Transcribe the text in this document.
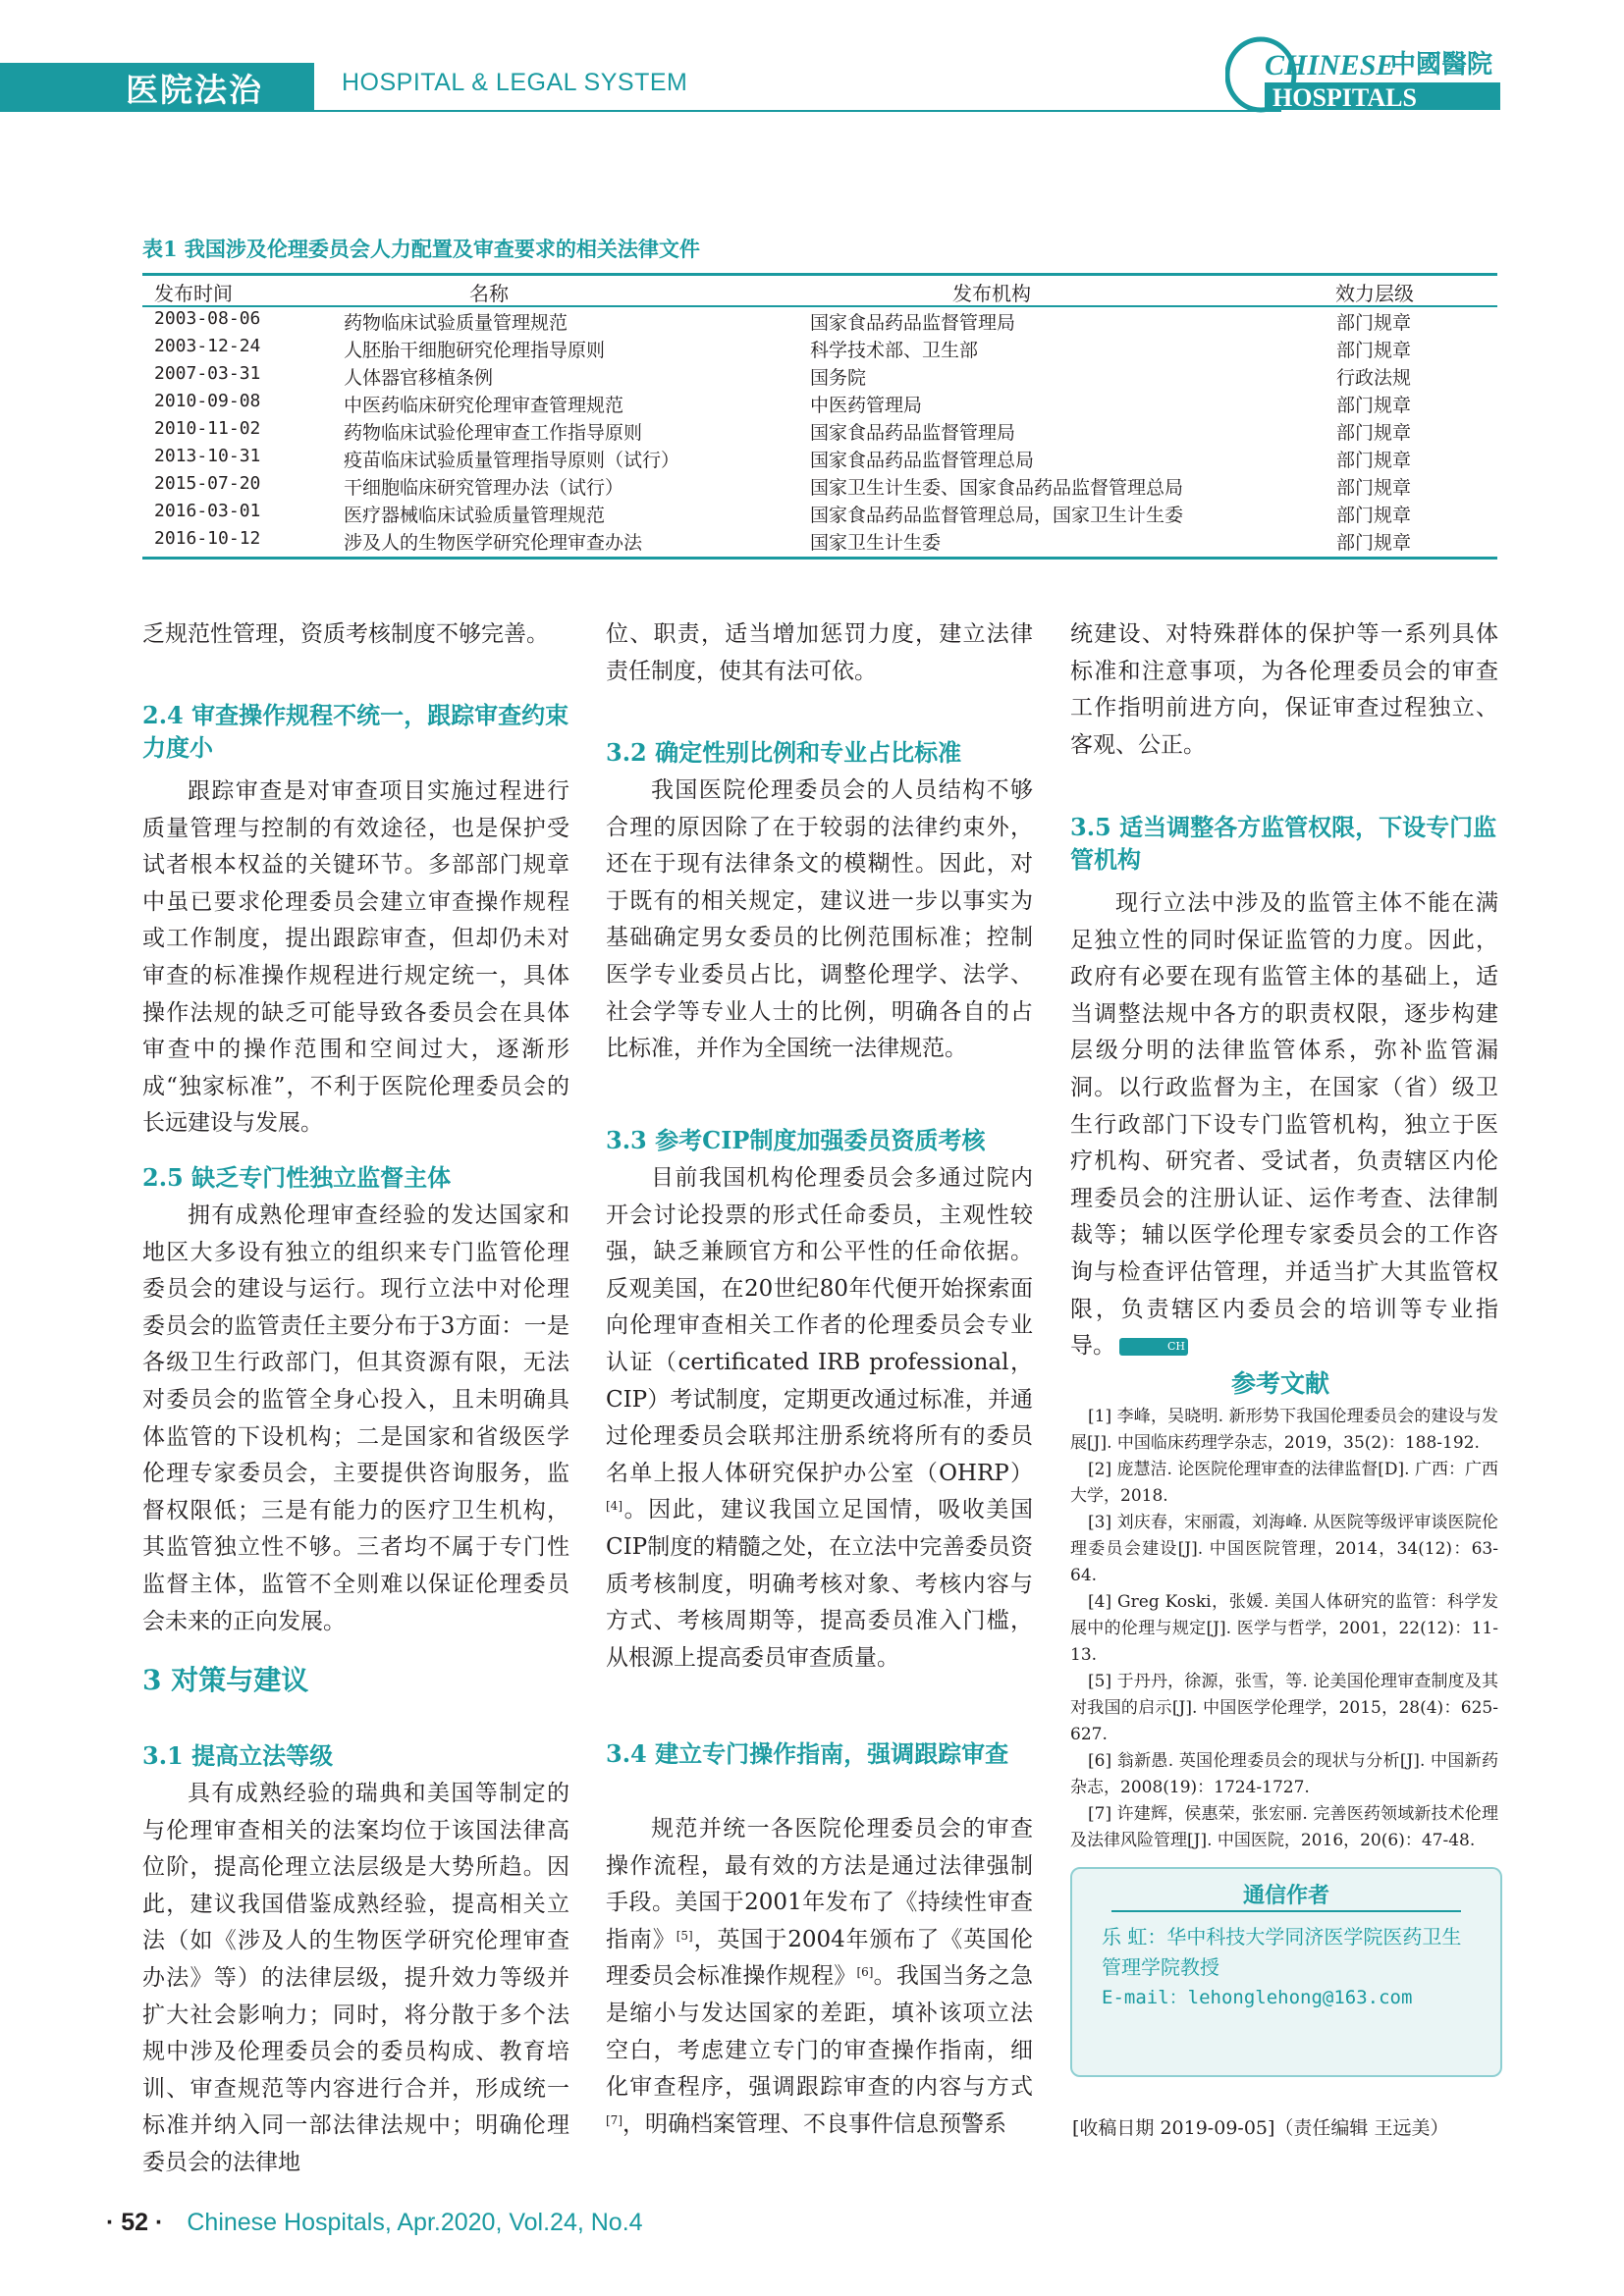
医院法治	HOSPITAL & LEGAL SYSTEM
CHINESE
中國醫院
HOSPITALS
表1 我国涉及伦理委员会人力配置及审查要求的相关法律文件
发布时间	名称	发布机构	效力层级
2003-08-06	药物临床试验质量管理规范	国家食品药品监督管理局	部门规章
2003-12-24	人胚胎干细胞研究伦理指导原则	科学技术部、卫生部	部门规章
2007-03-31	人体器官移植条例	国务院	行政法规
2010-09-08	中医药临床研究伦理审查管理规范	中医药管理局	部门规章
2010-11-02	药物临床试验伦理审查工作指导原则	国家食品药品监督管理局	部门规章
2013-10-31	疫苗临床试验质量管理指导原则（试行）	国家食品药品监督管理总局	部门规章
2015-07-20	干细胞临床研究管理办法（试行）	国家卫生计生委、国家食品药品监督管理总局	部门规章
2016-03-01	医疗器械临床试验质量管理规范	国家食品药品监督管理总局，国家卫生计生委	部门规章
2016-10-12	涉及人的生物医学研究伦理审查办法	国家卫生计生委	部门规章

乏规范性管理，资质考核制度不够完善。

2.4 审查操作规程不统一，跟踪审查约束力度小

跟踪审查是对审查项目实施过程进行质量管理与控制的有效途径，也是保护受试者根本权益的关键环节。多部部门规章中虽已要求伦理委员会建立审查操作规程或工作制度，提出跟踪审查，但却仍未对审查的标准操作规程进行规定统一，具体操作法规的缺乏可能导致各委员会在具体审查中的操作范围和空间过大，逐渐形成“独家标准”，不利于医院伦理委员会的长远建设与发展。

2.5 缺乏专门性独立监督主体

拥有成熟伦理审查经验的发达国家和地区大多设有独立的组织来专门监管伦理委员会的建设与运行。现行立法中对伦理委员会的监管责任主要分布于3方面：一是各级卫生行政部门，但其资源有限，无法对委员会的监管全身心投入，且未明确具体监管的下设机构；二是国家和省级医学伦理专家委员会，主要提供咨询服务，监督权限低；三是有能力的医疗卫生机构，其监管独立性不够。三者均不属于专门性监督主体，监管不全则难以保证伦理委员会未来的正向发展。

3 对策与建议
3.1 提高立法等级

具有成熟经验的瑞典和美国等制定的与伦理审查相关的法案均位于该国法律高位阶，提高伦理立法层级是大势所趋。因此，建议我国借鉴成熟经验，提高相关立法（如《涉及人的生物医学研究伦理审查办法》等）的法律层级，提升效力等级并扩大社会影响力；同时，将分散于多个法规中涉及伦理委员会的委员构成、教育培训、审查规范等内容进行合并，形成统一标准并纳入同一部法律法规中；明确伦理委员会的法律地

位、职责，适当增加惩罚力度，建立法律责任制度，使其有法可依。

3.2 确定性别比例和专业占比标准

我国医院伦理委员会的人员结构不够合理的原因除了在于较弱的法律约束外，还在于现有法律条文的模糊性。因此，对于既有的相关规定，建议进一步以事实为基础确定男女委员的比例范围标准；控制医学专业委员占比，调整伦理学、法学、社会学等专业人士的比例，明确各自的占比标准，并作为全国统一法律规范。

3.3 参考CIP制度加强委员资质考核

目前我国机构伦理委员会多通过院内开会讨论投票的形式任命委员，主观性较强，缺乏兼顾官方和公平性的任命依据。反观美国，在20世纪80年代便开始探索面向伦理审查相关工作者的伦理委员会专业认证（certificated IRB professional，CIP）考试制度，定期更改通过标准，并通过伦理委员会联邦注册系统将所有的委员名单上报人体研究保护办公室（OHRP）[4]。因此，建议我国立足国情，吸收美国CIP制度的精髓之处，在立法中完善委员资质考核制度，明确考核对象、考核内容与方式、考核周期等，提高委员准入门槛，从根源上提高委员审查质量。

3.4 建立专门操作指南，强调跟踪审查

规范并统一各医院伦理委员会的审查操作流程，最有效的方法是通过法律强制手段。美国于2001年发布了《持续性审查指南》[5]，英国于2004年颁布了《英国伦理委员会标准操作规程》[6]。我国当务之急是缩小与发达国家的差距，填补该项立法空白，考虑建立专门的审查操作指南，细化审查程序，强调跟踪审查的内容与方式[7]，明确档案管理、不良事件信息预警系

统建设、对特殊群体的保护等一系列具体标准和注意事项，为各伦理委员会的审查工作指明前进方向，保证审查过程独立、客观、公正。

3.5 适当调整各方监管权限，下设专门监管机构

现行立法中涉及的监管主体不能在满足独立性的同时保证监管的力度。因此，政府有必要在现有监管主体的基础上，适当调整法规中各方的职责权限，逐步构建层级分明的法律监管体系，弥补监管漏洞。以行政监督为主，在国家（省）级卫生行政部门下设专门监管机构，独立于医疗机构、研究者、受试者，负责辖区内伦理委员会的注册认证、运作考查、法律制裁等；辅以医学伦理专家委员会的工作咨询与检查评估管理，并适当扩大其监管权限，负责辖区内委员会的培训等专业指导。	CH

参考文献

[1] 李峰，吴晓明. 新形势下我国伦理委员会的建设与发展[J]. 中国临床药理学杂志，2019，35(2)：188-192.

[2] 庞慧洁. 论医院伦理审查的法律监督[D]. 广西：广西大学，2018.

[3] 刘庆春，宋丽霞，刘海峰. 从医院等级评审谈医院伦理委员会建设[J]. 中国医院管理，2014，34(12)：63-64.

[4] Greg Koski，张媛. 美国人体研究的监管：科学发展中的伦理与规定[J]. 医学与哲学，2001，22(12)：11-13.

[5] 于丹丹，徐源，张雪，等. 论美国伦理审查制度及其对我国的启示[J]. 中国医学伦理学，2015，28(4)：625-627.

[6] 翁新愚. 英国伦理委员会的现状与分析[J]. 中国新药杂志，2008(19)：1724-1727.

[7] 许建辉，侯惠荣，张宏丽. 完善医药领域新技术伦理及法律风险管理[J]. 中国医院，2016，20(6)：47-48.

通信作者
乐 虹：华中科技大学同济医学院医药卫生管理学院教授
E-mail：lehonglehong@163.com
[收稿日期 2019-09-05]（责任编辑 王远美）
· 52 · Chinese Hospitals, Apr.2020, Vol.24, No.4
